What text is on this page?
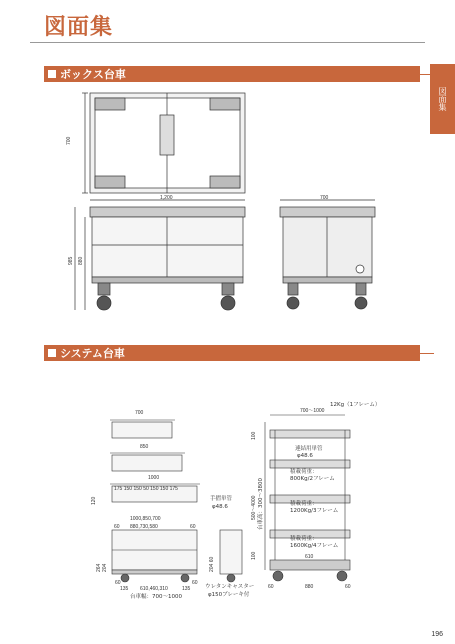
図面集
図面集
ボックス台車
700
1,200	700
985 880
システム台車
700
850
1000
175 150 150 50 150 150 175
120
1000,850,700
880,730,580
60	60
264 204
60	60
135 610,460,310	135
台車幅：700～1000
手摺単管
φ48.6
204 60
ウレタンキャスター
φ150ブレーキ付
700～1000
12Kg（1フレーム）
連結用単管
φ48.6
積載荷重：
800Kg/2フレーム
積載荷重：
1200Kg/3フレーム
積載荷重：
1600Kg/4フレーム
100
500～4000 台車高：300～3800
100	610
60	880	60
196
